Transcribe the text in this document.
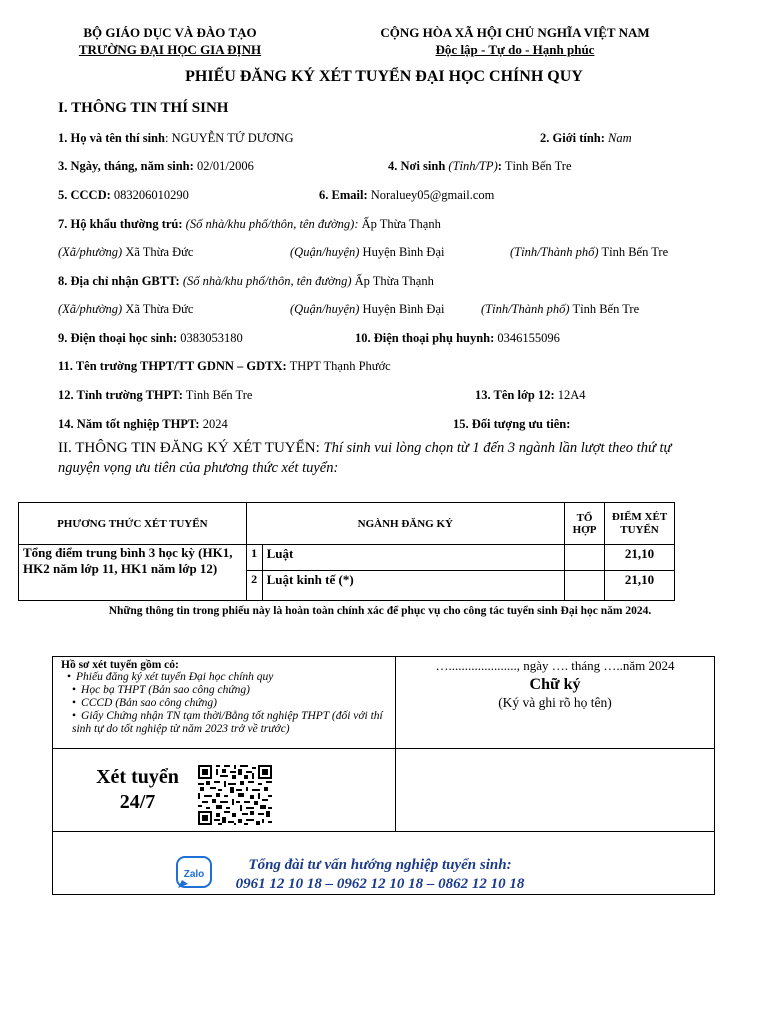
BỘ GIÁO DỤC VÀ ĐÀO TẠO
TRƯỜNG ĐẠI HỌC GIA ĐỊNH
CỘNG HÒA XÃ HỘI CHỦ NGHĨA VIỆT NAM
Độc lập - Tự do - Hạnh phúc
PHIẾU ĐĂNG KÝ XÉT TUYỂN ĐẠI HỌC CHÍNH QUY
I. THÔNG TIN THÍ SINH
1. Họ và tên thí sinh: NGUYỄN TỨ DƯƠNG	2. Giới tính: Nam
3. Ngày, tháng, năm sinh: 02/01/2006	4. Nơi sinh (Tỉnh/TP): Tỉnh Bến Tre
5. CCCD: 083206010290	6. Email: Noraluey05@gmail.com
7. Hộ khẩu thường trú: (Số nhà/khu phố/thôn, tên đường): Ấp Thừa Thạnh
(Xã/phường) Xã Thừa Đức	(Quận/huyện) Huyện Bình Đại	(Tỉnh/Thành phố) Tỉnh Bến Tre
8. Địa chỉ nhận GBTT: (Số nhà/khu phố/thôn, tên đường) Ấp Thừa Thạnh
(Xã/phường) Xã Thừa Đức	(Quận/huyện) Huyện Bình Đại	(Tỉnh/Thành phố) Tỉnh Bến Tre
9. Điện thoại học sinh: 0383053180	10. Điện thoại phụ huynh: 0346155096
11. Tên trường THPT/TT GDNN – GDTX: THPT Thạnh Phước
12. Tỉnh trường THPT: Tỉnh Bến Tre	13. Tên lớp 12: 12A4
14. Năm tốt nghiệp THPT: 2024	15. Đối tượng ưu tiên:
II. THÔNG TIN ĐĂNG KÝ XÉT TUYỂN: Thí sinh vui lòng chọn từ 1 đến 3 ngành lần lượt theo thứ tự nguyện vọng ưu tiên của phương thức xét tuyển:
PHƯƠNG THỨC XÉT TUYỂN	NGÀNH ĐĂNG KÝ		TỔ HỢP	ĐIỂM XÉT TUYỂN
Tổng điểm trung bình 3 học kỳ (HK1, HK2 năm lớp 11, HK1 năm lớp 12)	1	Luật		21,10
	2	Luật kinh tế (*)		21,10
Những thông tin trong phiếu này là hoàn toàn chính xác để phục vụ cho công tác tuyển sinh Đại học năm 2024.
Hồ sơ xét tuyển gồm có:
• Phiếu đăng ký xét tuyển Đại học chính quy
• Học bạ THPT (Bản sao công chứng)
• CCCD (Bản sao công chứng)
• Giấy Chứng nhận TN tạm thời/Bằng tốt nghiệp THPT (đối với thí sinh tự do tốt nghiệp từ năm 2023 trở về trước)
…....................., ngày …. tháng …..năm 2024
Chữ ký
(Ký và ghi rõ họ tên)
Xét tuyển
24/7
Zalo
Tổng đài tư vấn hướng nghiệp tuyển sinh:
0961 12 10 18 – 0962 12 10 18 – 0862 12 10 18
